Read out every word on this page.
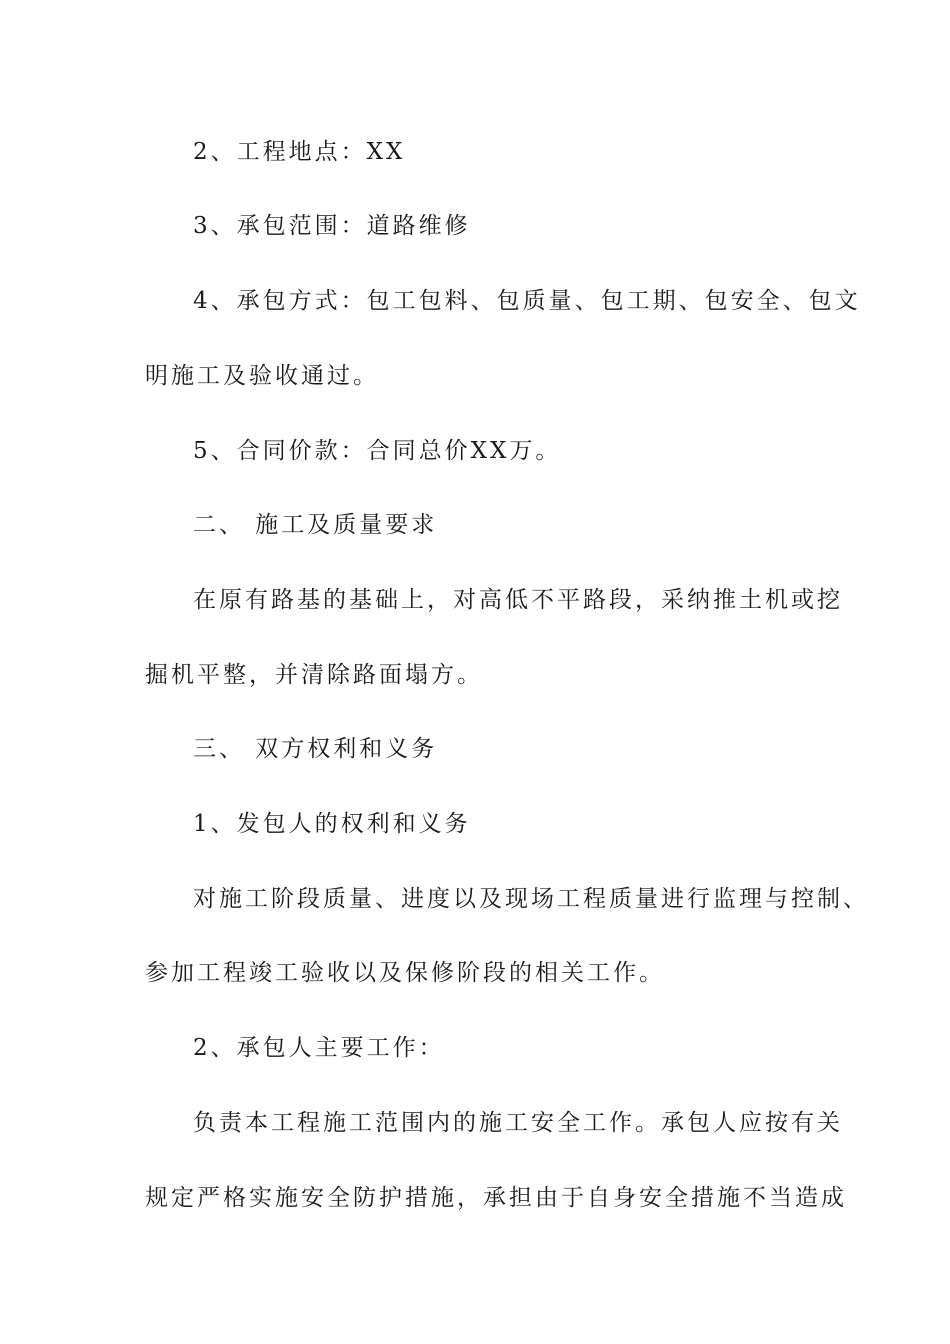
2、工程地点：XX
3、承包范围：道路维修
4、承包方式：包工包料、包质量、包工期、包安全、包文
明施工及验收通过。
5、合同价款：合同总价XX万。
二、 施工及质量要求
在原有路基的基础上，对高低不平路段，采纳推土机或挖
掘机平整，并清除路面塌方。
三、 双方权利和义务
1、发包人的权利和义务
对施工阶段质量、进度以及现场工程质量进行监理与控制、
参加工程竣工验收以及保修阶段的相关工作。
2、承包人主要工作：
负责本工程施工范围内的施工安全工作。承包人应按有关
规定严格实施安全防护措施，承担由于自身安全措施不当造成
